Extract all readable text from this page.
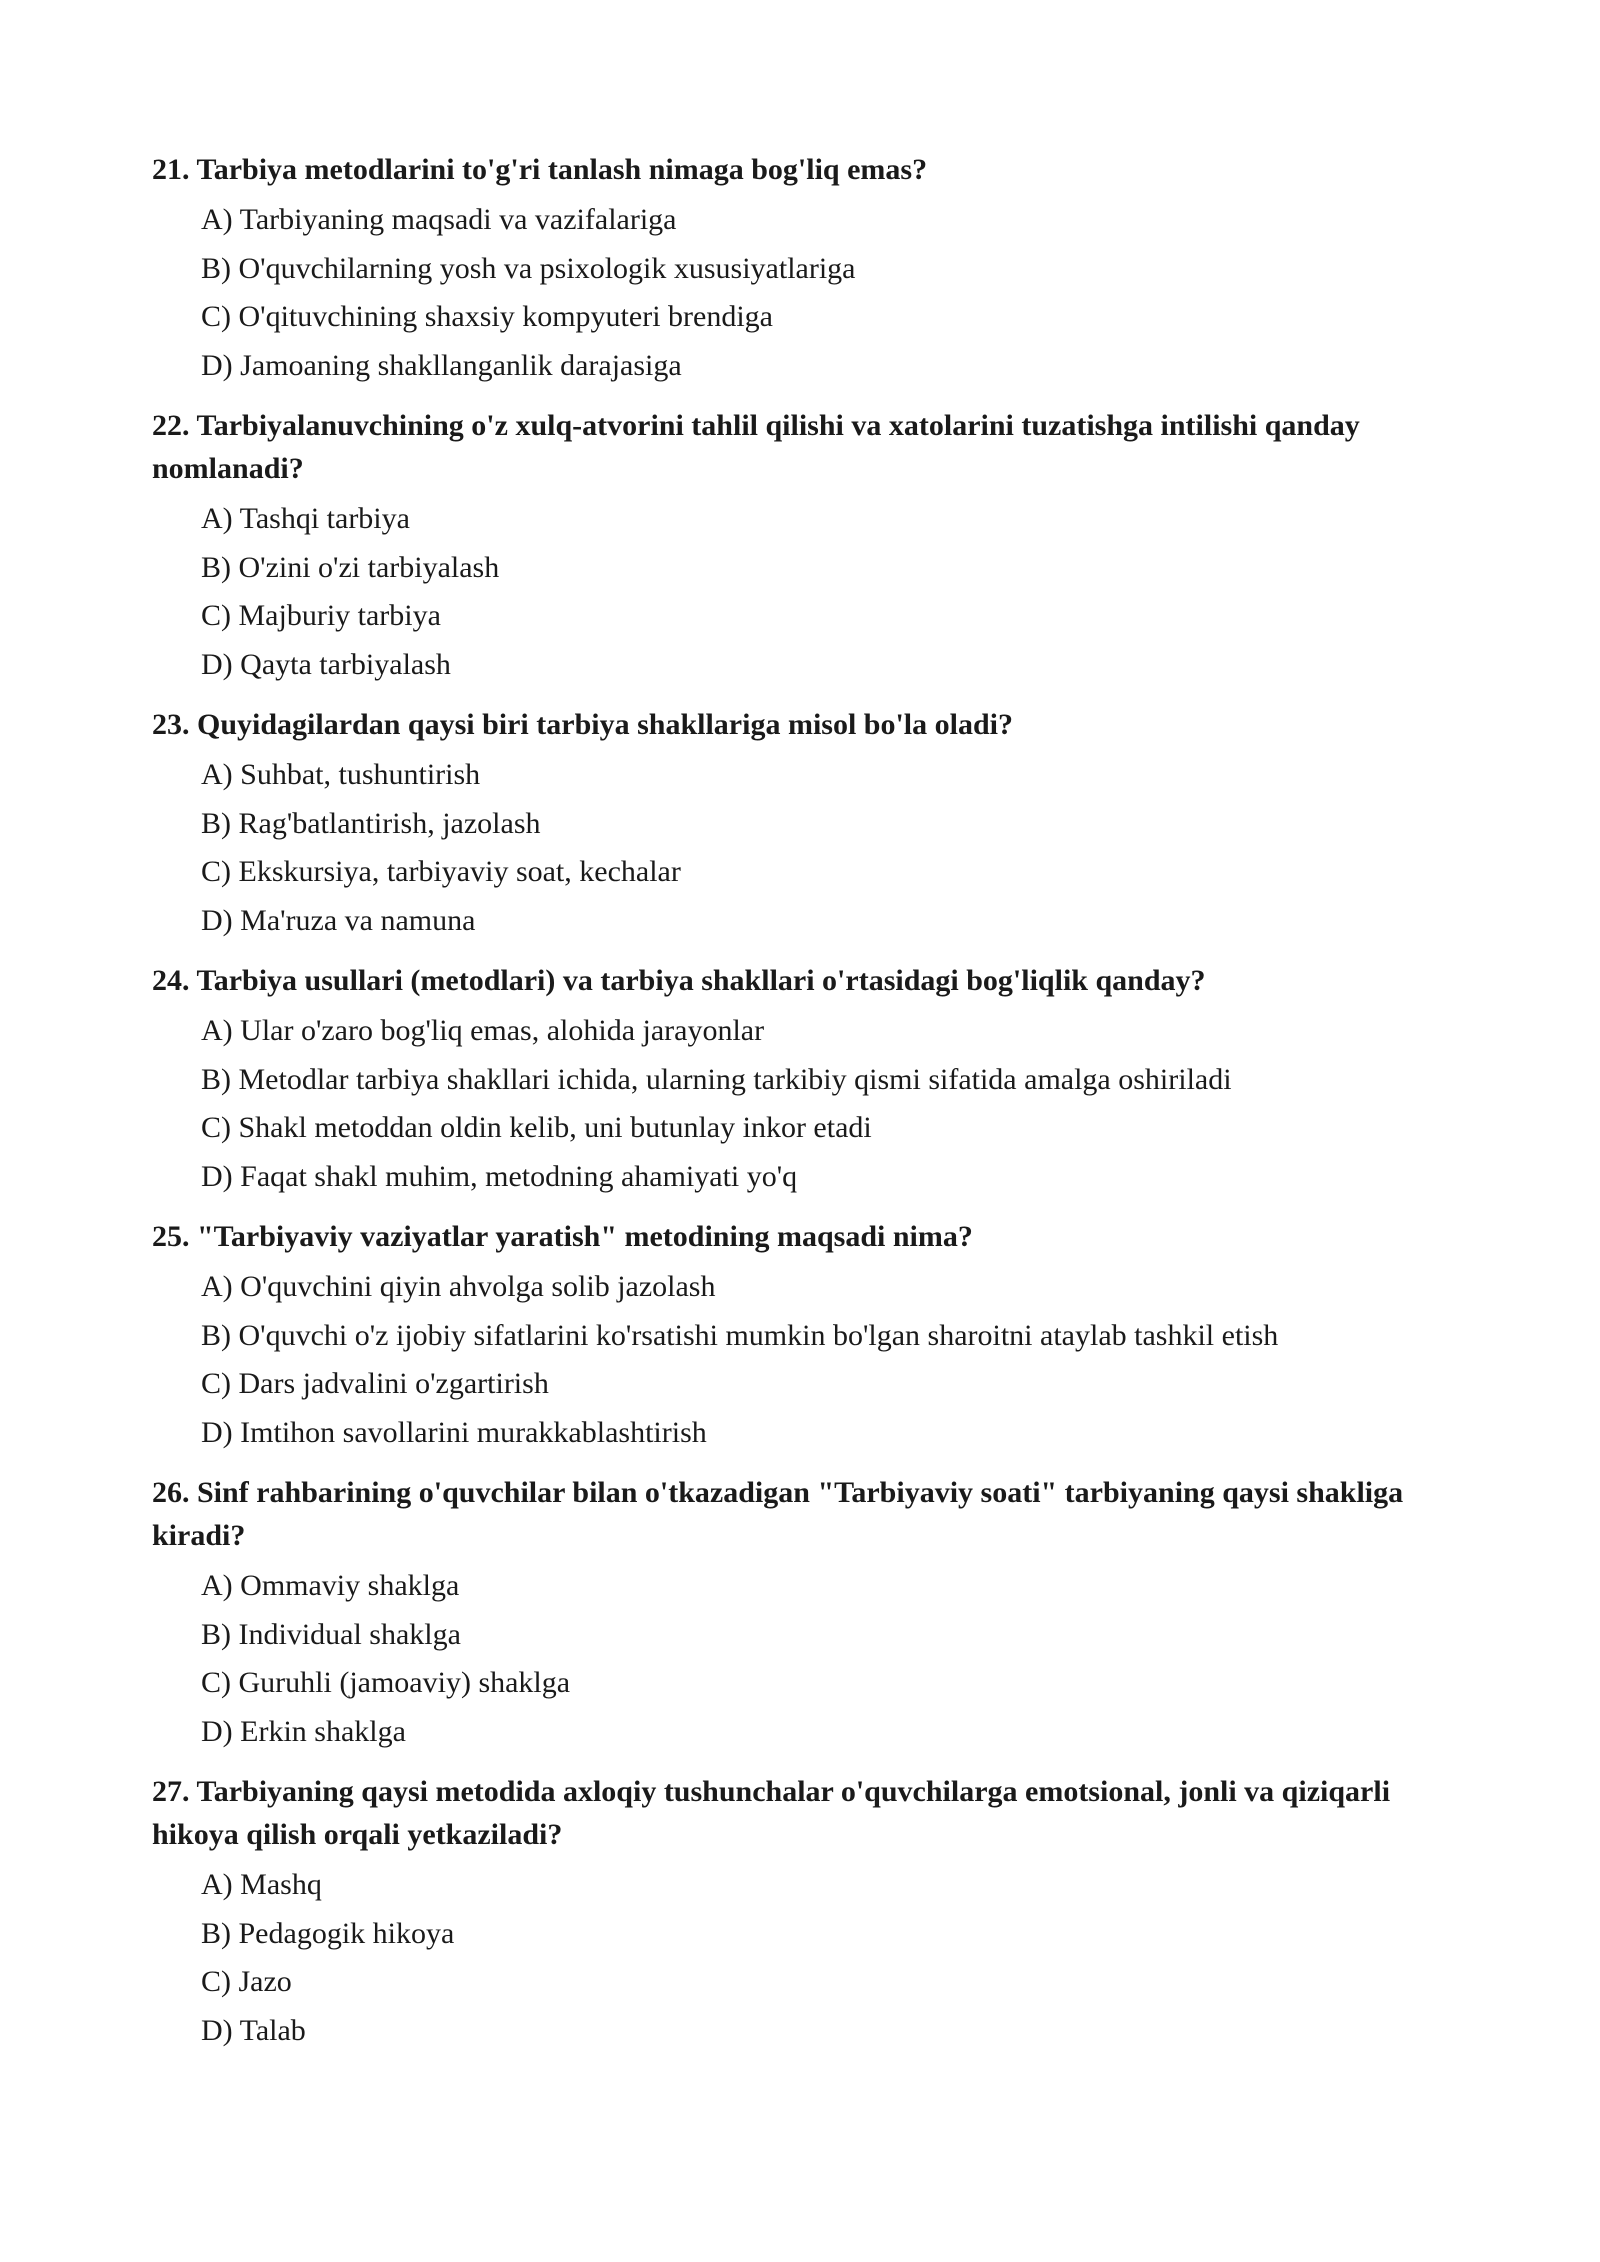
21. Tarbiya metodlarini to'g'ri tanlash nimaga bog'liq emas?
A) Tarbiyaning maqsadi va vazifalariga
B) O'quvchilarning yosh va psixologik xususiyatlariga
C) O'qituvchining shaxsiy kompyuteri brendiga
D) Jamoaning shakllanganlik darajasiga
22. Tarbiyalanuvchining o'z xulq-atvorini tahlil qilishi va xatolarini tuzatishga intilishi qanday nomlanadi?
A) Tashqi tarbiya
B) O'zini o'zi tarbiyalash
C) Majburiy tarbiya
D) Qayta tarbiyalash
23. Quyidagilardan qaysi biri tarbiya shakllariga misol bo'la oladi?
A) Suhbat, tushuntirish
B) Rag'batlantirish, jazolash
C) Ekskursiya, tarbiyaviy soat, kechalar
D) Ma'ruza va namuna
24. Tarbiya usullari (metodlari) va tarbiya shakllari o'rtasidagi bog'liqlik qanday?
A) Ular o'zaro bog'liq emas, alohida jarayonlar
B) Metodlar tarbiya shakllari ichida, ularning tarkibiy qismi sifatida amalga oshiriladi
C) Shakl metoddan oldin kelib, uni butunlay inkor etadi
D) Faqat shakl muhim, metodning ahamiyati yo'q
25. "Tarbiyaviy vaziyatlar yaratish" metodining maqsadi nima?
A) O'quvchini qiyin ahvolga solib jazolash
B) O'quvchi o'z ijobiy sifatlarini ko'rsatishi mumkin bo'lgan sharoitni ataylab tashkil etish
C) Dars jadvalini o'zgartirish
D) Imtihon savollarini murakkablashtirish
26. Sinf rahbarining o'quvchilar bilan o'tkazadigan "Tarbiyaviy soati" tarbiyaning qaysi shakliga kiradi?
A) Ommaviy shaklga
B) Individual shaklga
C) Guruhli (jamoaviy) shaklga
D) Erkin shaklga
27. Tarbiyaning qaysi metodida axloqiy tushunchalar o'quvchilarga emotsional, jonli va qiziqarli hikoya qilish orqali yetkaziladi?
A) Mashq
B) Pedagogik hikoya
C) Jazo
D) Talab
